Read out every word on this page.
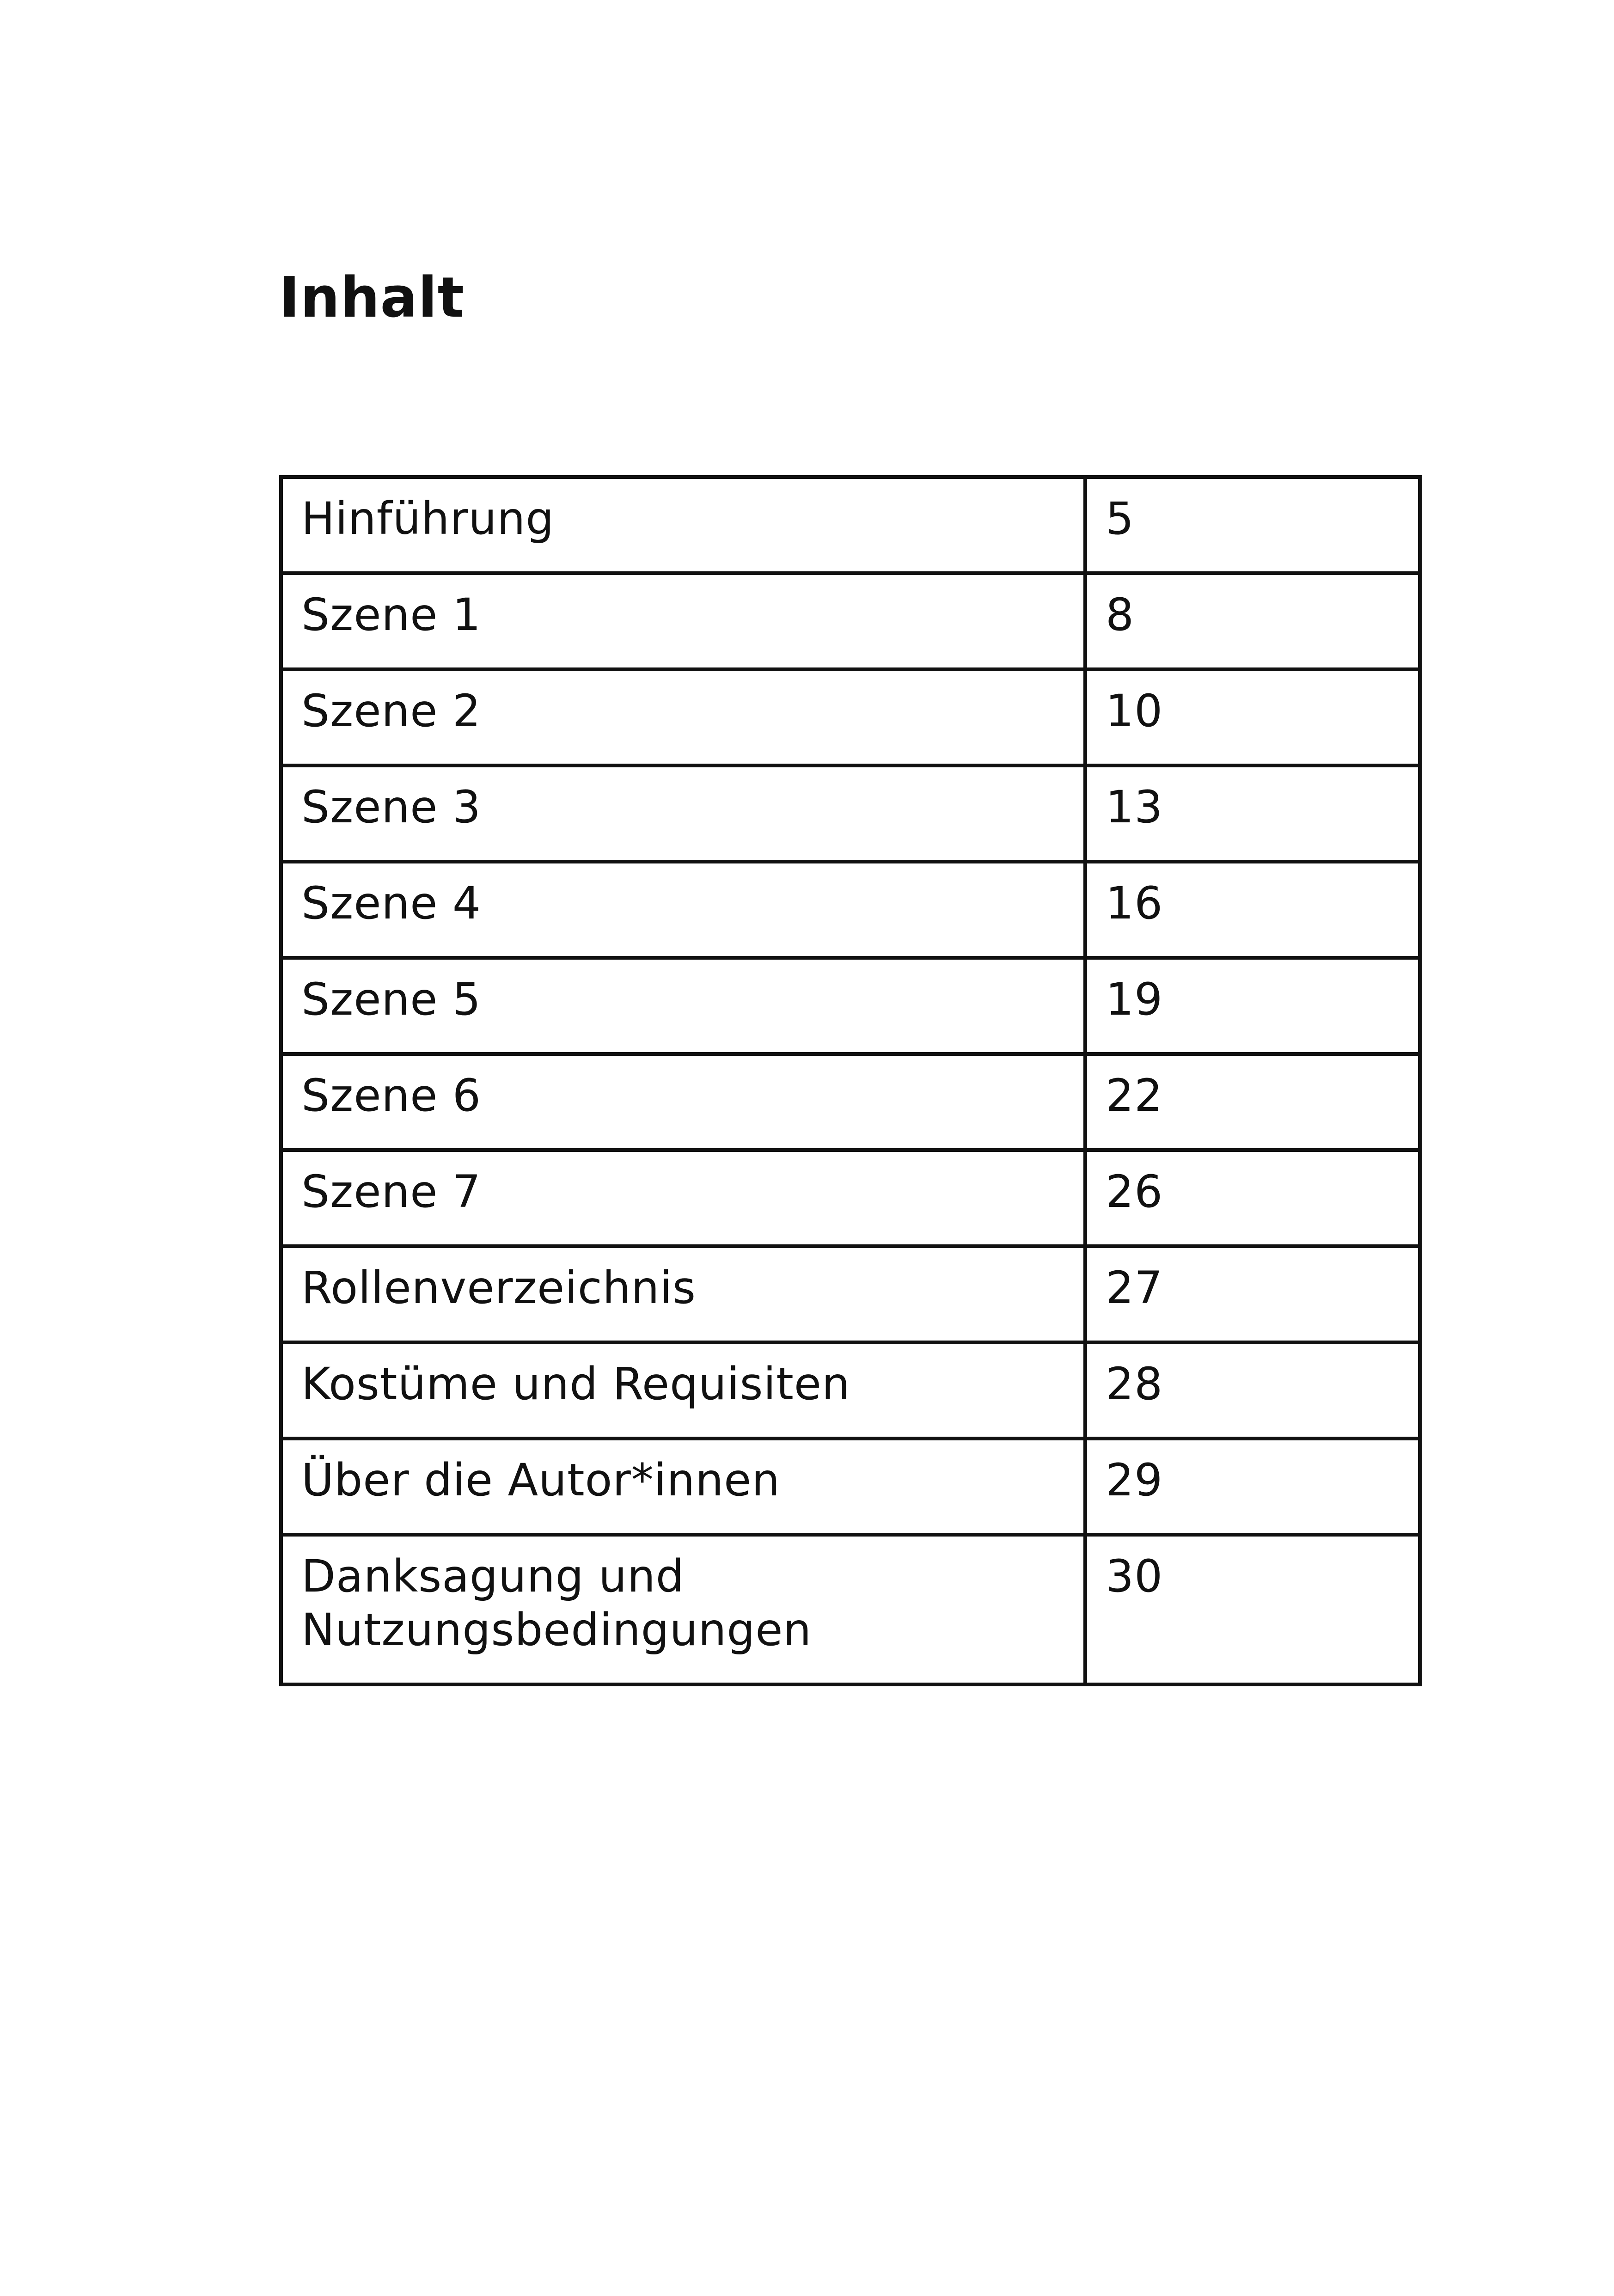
Inhalt
Hinführung	5
Szene 1	8
Szene 2	10
Szene 3	13
Szene 4	16
Szene 5	19
Szene 6	22
Szene 7	26
Rollenverzeichnis	27
Kostüme und Requisiten	28
Über die Autor*innen	29
Danksagung und Nutzungsbedingungen	30
